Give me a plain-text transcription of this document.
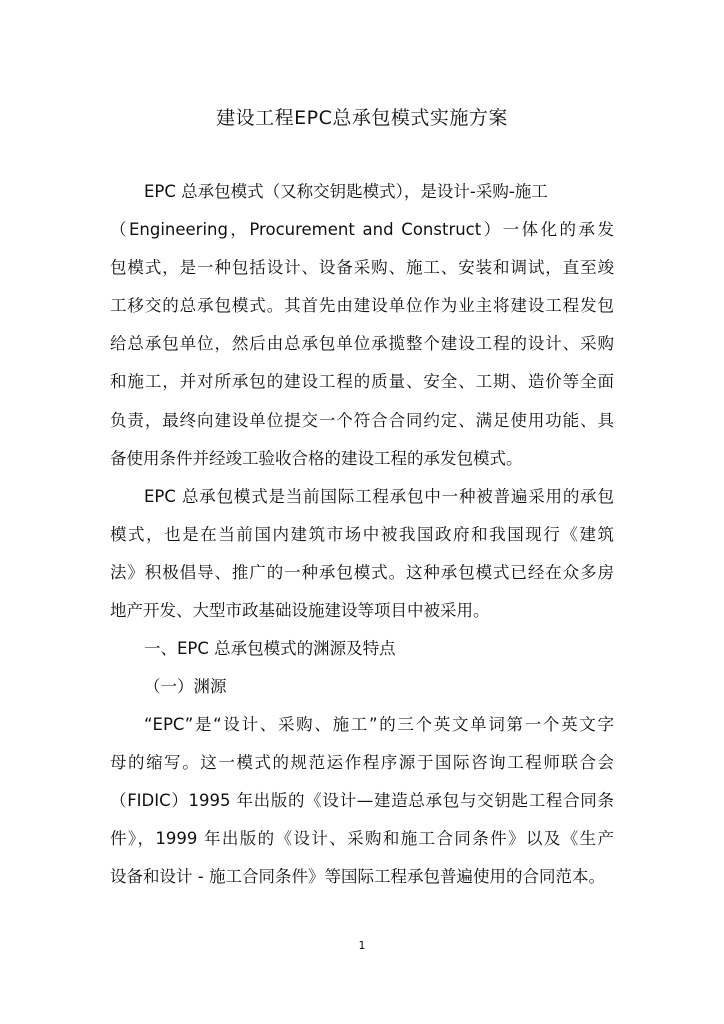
建设工程EPC总承包模式实施方案
EPC 总承包模式（又称交钥匙模式），是设计-采购-施工
（Engineering，Procurement and Construct）一体化的承发
包模式，是一种包括设计、设备采购、施工、安装和调试，直至竣
工移交的总承包模式。其首先由建设单位作为业主将建设工程发包
给总承包单位，然后由总承包单位承揽整个建设工程的设计、采购
和施工，并对所承包的建设工程的质量、安全、工期、造价等全面
负责，最终向建设单位提交一个符合合同约定、满足使用功能、具
备使用条件并经竣工验收合格的建设工程的承发包模式。
EPC 总承包模式是当前国际工程承包中一种被普遍采用的承包
模式，也是在当前国内建筑市场中被我国政府和我国现行《建筑
法》积极倡导、推广的一种承包模式。这种承包模式已经在众多房
地产开发、大型市政基础设施建设等项目中被采用。
一、EPC 总承包模式的渊源及特点
（一）渊源
“EPC”是“设计、采购、施工”的三个英文单词第一个英文字
母的缩写。这一模式的规范运作程序源于国际咨询工程师联合会
（FIDIC）1995 年出版的《设计—建造总承包与交钥匙工程合同条
件》，1999 年出版的《设计、采购和施工合同条件》以及《生产
设备和设计 - 施工合同条件》等国际工程承包普遍使用的合同范本。
1
